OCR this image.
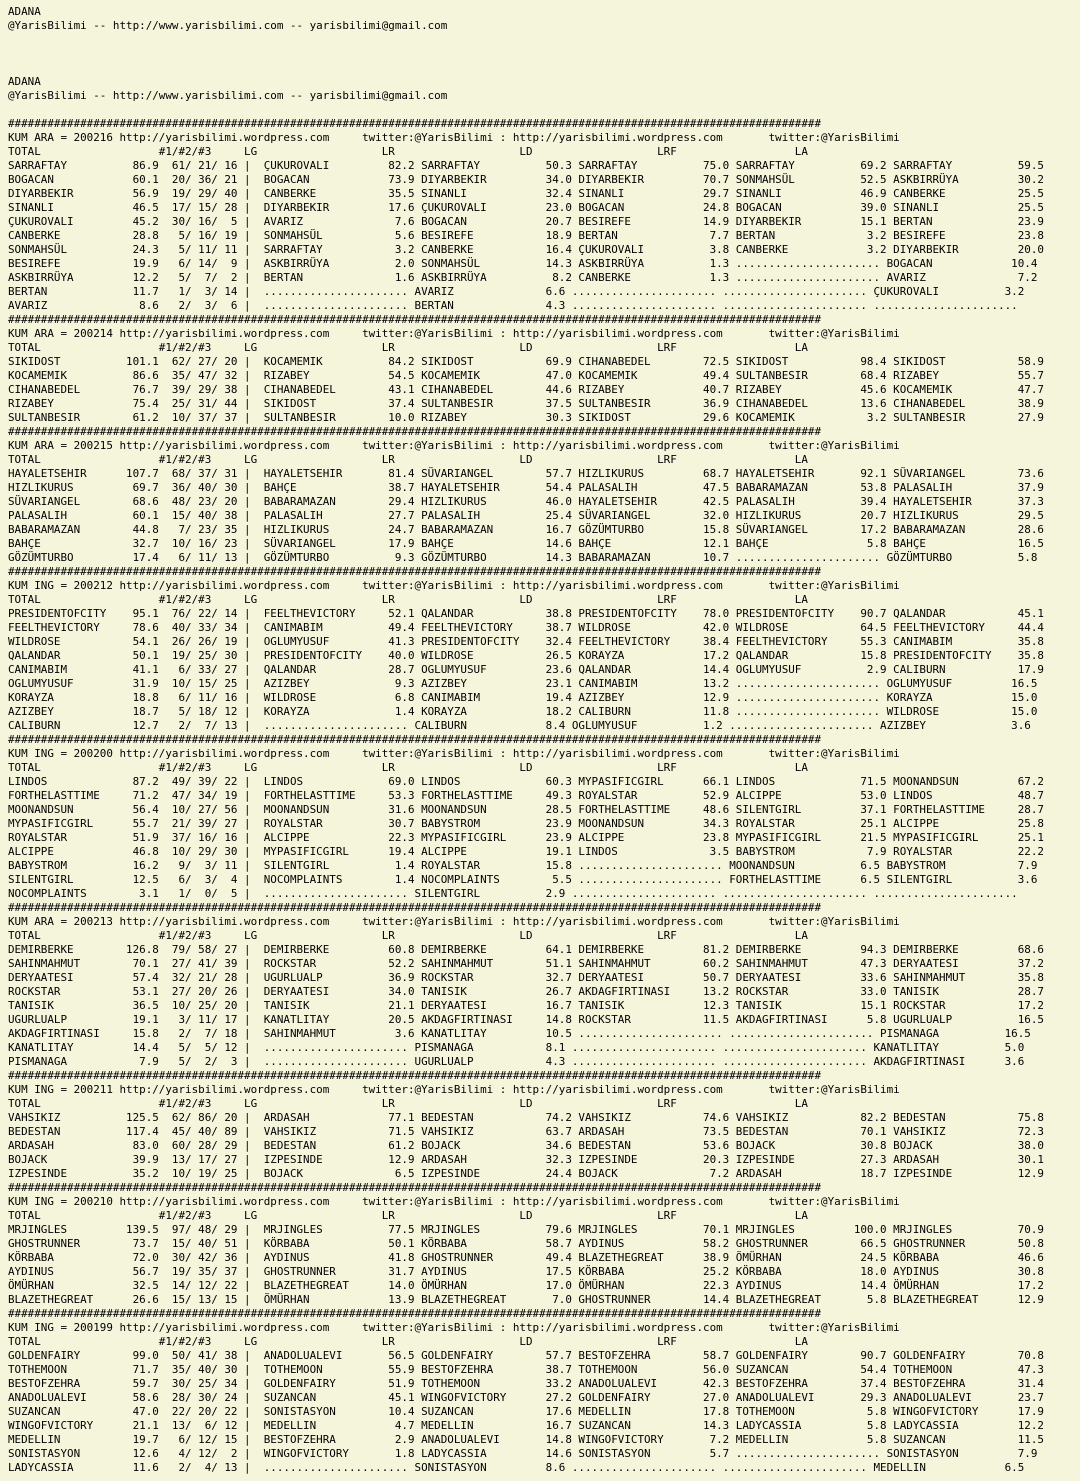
ADANA
@YarisBilimi -- http://www.yarisbilimi.com -- yarisbilimi@gmail.com
ADANA
@YarisBilimi -- http://www.yarisbilimi.com -- yarisbilimi@gmail.com
############################################################################################################################
KUM ARA = 200216 http://yarisbilimi.wordpress.com     twitter:@YarisBilimi : http://yarisbilimi.wordpress.com       twitter:@YarisBilimi
TOTAL                  #1/#2/#3     LG                   LR                   LD                   LRF                  LA
SARRAFTAY          86.9  61/ 21/ 16 |  ÇUKUROVALI         82.2 SARRAFTAY          50.3 SARRAFTAY          75.0 SARRAFTAY          69.2 SARRAFTAY          59.5
BOGACAN            60.1  20/ 36/ 21 |  BOGACAN            73.9 DIYARBEKIR         34.0 DIYARBEKIR         70.7 SONMAHSÜL          52.5 ASKBIRRÜYA         30.2
DIYARBEKIR         56.9  19/ 29/ 40 |  CANBERKE           35.5 SINANLI            32.4 SINANLI            29.7 SINANLI            46.9 CANBERKE           25.5
SINANLI            46.5  17/ 15/ 28 |  DIYARBEKIR         17.6 ÇUKUROVALI         23.0 BOGACAN            24.8 BOGACAN            39.0 SINANLI            25.5
ÇUKUROVALI         45.2  30/ 16/  5 |  AVARIZ              7.6 BOGACAN            20.7 BESIREFE           14.9 DIYARBEKIR         15.1 BERTAN             23.9
CANBERKE           28.8   5/ 16/ 19 |  SONMAHSÜL           5.6 BESIREFE           18.9 BERTAN              7.7 BERTAN              3.2 BESIREFE           23.8
SONMAHSÜL          24.3   5/ 11/ 11 |  SARRAFTAY           3.2 CANBERKE           16.4 ÇUKUROVALI          3.8 CANBERKE            3.2 DIYARBEKIR         20.0
BESIREFE           19.9   6/ 14/  9 |  ASKBIRRÜYA          2.0 SONMAHSÜL          14.3 ASKBIRRÜYA          1.3 ...................... BOGACAN            10.4
ASKBIRRÜYA         12.2   5/  7/  2 |  BERTAN              1.6 ASKBIRRÜYA          8.2 CANBERKE            1.3 ...................... AVARIZ              7.2
BERTAN             11.7   1/  3/ 14 |  ...................... AVARIZ              6.6 ...................... ...................... ÇUKUROVALI          3.2
AVARIZ              8.6   2/  3/  6 |  ...................... BERTAN              4.3 ...................... ...................... ......................
############################################################################################################################
KUM ARA = 200214 http://yarisbilimi.wordpress.com     twitter:@YarisBilimi : http://yarisbilimi.wordpress.com       twitter:@YarisBilimi
TOTAL                  #1/#2/#3     LG                   LR                   LD                   LRF                  LA
SIKIDOST          101.1  62/ 27/ 20 |  KOCAMEMIK          84.2 SIKIDOST           69.9 CIHANABEDEL        72.5 SIKIDOST           98.4 SIKIDOST           58.9
KOCAMEMIK          86.6  35/ 47/ 32 |  RIZABEY            54.5 KOCAMEMIK          47.0 KOCAMEMIK          49.4 SULTANBESIR        68.4 RIZABEY            55.7
CIHANABEDEL        76.7  39/ 29/ 38 |  CIHANABEDEL        43.1 CIHANABEDEL        44.6 RIZABEY            40.7 RIZABEY            45.6 KOCAMEMIK          47.7
RIZABEY            75.4  25/ 31/ 44 |  SIKIDOST           37.4 SULTANBESIR        37.5 SULTANBESIR        36.9 CIHANABEDEL        13.6 CIHANABEDEL        38.9
SULTANBESIR        61.2  10/ 37/ 37 |  SULTANBESIR        10.0 RIZABEY            30.3 SIKIDOST           29.6 KOCAMEMIK           3.2 SULTANBESIR        27.9
############################################################################################################################
KUM ARA = 200215 http://yarisbilimi.wordpress.com     twitter:@YarisBilimi : http://yarisbilimi.wordpress.com       twitter:@YarisBilimi
TOTAL                  #1/#2/#3     LG                   LR                   LD                   LRF                  LA
HAYALETSEHIR      107.7  68/ 37/ 31 |  HAYALETSEHIR       81.4 SÜVARIANGEL        57.7 HIZLIKURUS         68.7 HAYALETSEHIR       92.1 SÜVARIANGEL        73.6
HIZLIKURUS         69.7  36/ 40/ 30 |  BAHÇE              38.7 HAYALETSEHIR       54.4 PALASALIH          47.5 BABARAMAZAN        53.8 PALASALIH          37.9
SÜVARIANGEL        68.6  48/ 23/ 20 |  BABARAMAZAN        29.4 HIZLIKURUS         46.0 HAYALETSEHIR       42.5 PALASALIH          39.4 HAYALETSEHIR       37.3
PALASALIH          60.1  15/ 40/ 38 |  PALASALIH          27.7 PALASALIH          25.4 SÜVARIANGEL        32.0 HIZLIKURUS         20.7 HIZLIKURUS         29.5
BABARAMAZAN        44.8   7/ 23/ 35 |  HIZLIKURUS         24.7 BABARAMAZAN        16.7 GÖZÜMTURBO         15.8 SÜVARIANGEL        17.2 BABARAMAZAN        28.6
BAHÇE              32.7  10/ 16/ 23 |  SÜVARIANGEL        17.9 BAHÇE              14.6 BAHÇE              12.1 BAHÇE               5.8 BAHÇE              16.5
GÖZÜMTURBO         17.4   6/ 11/ 13 |  GÖZÜMTURBO          9.3 GÖZÜMTURBO         14.3 BABARAMAZAN        10.7 ...................... GÖZÜMTURBO          5.8
############################################################################################################################
KUM ING = 200212 http://yarisbilimi.wordpress.com     twitter:@YarisBilimi : http://yarisbilimi.wordpress.com       twitter:@YarisBilimi
TOTAL                  #1/#2/#3     LG                   LR                   LD                   LRF                  LA
PRESIDENTOFCITY    95.1  76/ 22/ 14 |  FEELTHEVICTORY     52.1 QALANDAR           38.8 PRESIDENTOFCITY    78.0 PRESIDENTOFCITY    90.7 QALANDAR           45.1
FEELTHEVICTORY     78.6  40/ 33/ 34 |  CANIMABIM          49.4 FEELTHEVICTORY     38.7 WILDROSE           42.0 WILDROSE           64.5 FEELTHEVICTORY     44.4
WILDROSE           54.1  26/ 26/ 19 |  OGLUMYUSUF         41.3 PRESIDENTOFCITY    32.4 FEELTHEVICTORY     38.4 FEELTHEVICTORY     55.3 CANIMABIM          35.8
QALANDAR           50.1  19/ 25/ 30 |  PRESIDENTOFCITY    40.0 WILDROSE           26.5 KORAYZA            17.2 QALANDAR           15.8 PRESIDENTOFCITY    35.8
CANIMABIM          41.1   6/ 33/ 27 |  QALANDAR           28.7 OGLUMYUSUF         23.6 QALANDAR           14.4 OGLUMYUSUF          2.9 CALIBURN           17.9
OGLUMYUSUF         31.9  10/ 15/ 25 |  AZIZBEY             9.3 AZIZBEY            23.1 CANIMABIM          13.2 ...................... OGLUMYUSUF         16.5
KORAYZA            18.8   6/ 11/ 16 |  WILDROSE            6.8 CANIMABIM          19.4 AZIZBEY            12.9 ...................... KORAYZA            15.0
AZIZBEY            18.7   5/ 18/ 12 |  KORAYZA             1.4 KORAYZA            18.2 CALIBURN           11.8 ...................... WILDROSE           15.0
CALIBURN           12.7   2/  7/ 13 |  ...................... CALIBURN            8.4 OGLUMYUSUF          1.2 ...................... AZIZBEY             3.6
############################################################################################################################
KUM ING = 200200 http://yarisbilimi.wordpress.com     twitter:@YarisBilimi : http://yarisbilimi.wordpress.com       twitter:@YarisBilimi
TOTAL                  #1/#2/#3     LG                   LR                   LD                   LRF                  LA
LINDOS             87.2  49/ 39/ 22 |  LINDOS             69.0 LINDOS             60.3 MYPASIFICGIRL      66.1 LINDOS             71.5 MOONANDSUN         67.2
FORTHELASTTIME     71.2  47/ 34/ 19 |  FORTHELASTTIME     53.3 FORTHELASTTIME     49.3 ROYALSTAR          52.9 ALCIPPE            53.0 LINDOS             48.7
MOONANDSUN         56.4  10/ 27/ 56 |  MOONANDSUN         31.6 MOONANDSUN         28.5 FORTHELASTTIME     48.6 SILENTGIRL         37.1 FORTHELASTTIME     28.7
MYPASIFICGIRL      55.7  21/ 39/ 27 |  ROYALSTAR          30.7 BABYSTROM          23.9 MOONANDSUN         34.3 ROYALSTAR          25.1 ALCIPPE            25.8
ROYALSTAR          51.9  37/ 16/ 16 |  ALCIPPE            22.3 MYPASIFICGIRL      23.9 ALCIPPE            23.8 MYPASIFICGIRL      21.5 MYPASIFICGIRL      25.1
ALCIPPE            46.8  10/ 29/ 30 |  MYPASIFICGIRL      19.4 ALCIPPE            19.1 LINDOS              3.5 BABYSTROM           7.9 ROYALSTAR          22.2
BABYSTROM          16.2   9/  3/ 11 |  SILENTGIRL          1.4 ROYALSTAR          15.8 ...................... MOONANDSUN          6.5 BABYSTROM           7.9
SILENTGIRL         12.5   6/  3/  4 |  NOCOMPLAINTS        1.4 NOCOMPLAINTS        5.5 ...................... FORTHELASTTIME      6.5 SILENTGIRL          3.6
NOCOMPLAINTS        3.1   1/  0/  5 |  ...................... SILENTGIRL          2.9 ...................... ...................... ......................
############################################################################################################################
KUM ARA = 200213 http://yarisbilimi.wordpress.com     twitter:@YarisBilimi : http://yarisbilimi.wordpress.com       twitter:@YarisBilimi
TOTAL                  #1/#2/#3     LG                   LR                   LD                   LRF                  LA
DEMIRBERKE        126.8  79/ 58/ 27 |  DEMIRBERKE         60.8 DEMIRBERKE         64.1 DEMIRBERKE         81.2 DEMIRBERKE         94.3 DEMIRBERKE         68.6
SAHINMAHMUT        70.1  27/ 41/ 39 |  ROCKSTAR           52.2 SAHINMAHMUT        51.1 SAHINMAHMUT        60.2 SAHINMAHMUT        47.3 DERYAATESI         37.2
DERYAATESI         57.4  32/ 21/ 28 |  UGURLUALP          36.9 ROCKSTAR           32.7 DERYAATESI         50.7 DERYAATESI         33.6 SAHINMAHMUT        35.8
ROCKSTAR           53.1  27/ 20/ 26 |  DERYAATESI         34.0 TANISIK            26.7 AKDAGFIRTINASI     13.2 ROCKSTAR           33.0 TANISIK            28.7
TANISIK            36.5  10/ 25/ 20 |  TANISIK            21.1 DERYAATESI         16.7 TANISIK            12.3 TANISIK            15.1 ROCKSTAR           17.2
UGURLUALP          19.1   3/ 11/ 17 |  KANATLITAY         20.5 AKDAGFIRTINASI     14.8 ROCKSTAR           11.5 AKDAGFIRTINASI      5.8 UGURLUALP          16.5
AKDAGFIRTINASI     15.8   2/  7/ 18 |  SAHINMAHMUT         3.6 KANATLITAY         10.5 ...................... ...................... PISMANAGA          16.5
KANATLITAY         14.4   5/  5/ 12 |  ...................... PISMANAGA           8.1 ...................... ...................... KANATLITAY          5.0
PISMANAGA           7.9   5/  2/  3 |  ...................... UGURLUALP           4.3 ...................... ...................... AKDAGFIRTINASI      3.6
############################################################################################################################
KUM ING = 200211 http://yarisbilimi.wordpress.com     twitter:@YarisBilimi : http://yarisbilimi.wordpress.com       twitter:@YarisBilimi
TOTAL                  #1/#2/#3     LG                   LR                   LD                   LRF                  LA
VAHSIKIZ          125.5  62/ 86/ 20 |  ARDASAH            77.1 BEDESTAN           74.2 VAHSIKIZ           74.6 VAHSIKIZ           82.2 BEDESTAN           75.8
BEDESTAN          117.4  45/ 40/ 89 |  VAHSIKIZ           71.5 VAHSIKIZ           63.7 ARDASAH            73.5 BEDESTAN           70.1 VAHSIKIZ           72.3
ARDASAH            83.0  60/ 28/ 29 |  BEDESTAN           61.2 BOJACK             34.6 BEDESTAN           53.6 BOJACK             30.8 BOJACK             38.0
BOJACK             39.9  13/ 17/ 27 |  IZPESINDE          12.9 ARDASAH            32.3 IZPESINDE          20.3 IZPESINDE          27.3 ARDASAH            30.1
IZPESINDE          35.2  10/ 19/ 25 |  BOJACK              6.5 IZPESINDE          24.4 BOJACK              7.2 ARDASAH            18.7 IZPESINDE          12.9
############################################################################################################################
KUM ING = 200210 http://yarisbilimi.wordpress.com     twitter:@YarisBilimi : http://yarisbilimi.wordpress.com       twitter:@YarisBilimi
TOTAL                  #1/#2/#3     LG                   LR                   LD                   LRF                  LA
MRJINGLES         139.5  97/ 48/ 29 |  MRJINGLES          77.5 MRJINGLES          79.6 MRJINGLES          70.1 MRJINGLES         100.0 MRJINGLES          70.9
GHOSTRUNNER        73.7  15/ 40/ 51 |  KÖRBABA            50.1 KÖRBABA            58.7 AYDINUS            58.2 GHOSTRUNNER        66.5 GHOSTRUNNER        50.8
KÖRBABA            72.0  30/ 42/ 36 |  AYDINUS            41.8 GHOSTRUNNER        49.4 BLAZETHEGREAT      38.9 ÖMÜRHAN            24.5 KÖRBABA            46.6
AYDINUS            56.7  19/ 35/ 37 |  GHOSTRUNNER        31.7 AYDINUS            17.5 KÖRBABA            25.2 KÖRBABA            18.0 AYDINUS            30.8
ÖMÜRHAN            32.5  14/ 12/ 22 |  BLAZETHEGREAT      14.0 ÖMÜRHAN            17.0 ÖMÜRHAN            22.3 AYDINUS            14.4 ÖMÜRHAN            17.2
BLAZETHEGREAT      26.6  15/ 13/ 15 |  ÖMÜRHAN            13.9 BLAZETHEGREAT       7.0 GHOSTRUNNER        14.4 BLAZETHEGREAT       5.8 BLAZETHEGREAT      12.9
############################################################################################################################
KUM ING = 200199 http://yarisbilimi.wordpress.com     twitter:@YarisBilimi : http://yarisbilimi.wordpress.com       twitter:@YarisBilimi
TOTAL                  #1/#2/#3     LG                   LR                   LD                   LRF                  LA
GOLDENFAIRY        99.0  50/ 41/ 38 |  ANADOLUALEVI       56.5 GOLDENFAIRY        57.7 BESTOFZEHRA        58.7 GOLDENFAIRY        90.7 GOLDENFAIRY        70.8
TOTHEMOON          71.7  35/ 40/ 30 |  TOTHEMOON          55.9 BESTOFZEHRA        38.7 TOTHEMOON          56.0 SUZANCAN           54.4 TOTHEMOON          47.3
BESTOFZEHRA        59.7  30/ 25/ 34 |  GOLDENFAIRY        51.9 TOTHEMOON          33.2 ANADOLUALEVI       42.3 BESTOFZEHRA        37.4 BESTOFZEHRA        31.4
ANADOLUALEVI       58.6  28/ 30/ 24 |  SUZANCAN           45.1 WINGOFVICTORY      27.2 GOLDENFAIRY        27.0 ANADOLUALEVI       29.3 ANADOLUALEVI       23.7
SUZANCAN           47.0  22/ 20/ 22 |  SONISTASYON        10.4 SUZANCAN           17.6 MEDELLIN           17.8 TOTHEMOON           5.8 WINGOFVICTORY      17.9
WINGOFVICTORY      21.1  13/  6/ 12 |  MEDELLIN            4.7 MEDELLIN           16.7 SUZANCAN           14.3 LADYCASSIA          5.8 LADYCASSIA         12.2
MEDELLIN           19.7   6/ 12/ 15 |  BESTOFZEHRA         2.9 ANADOLUALEVI       14.8 WINGOFVICTORY       7.2 MEDELLIN            5.8 SUZANCAN           11.5
SONISTASYON        12.6   4/ 12/  2 |  WINGOFVICTORY       1.8 LADYCASSIA         14.6 SONISTASYON         5.7 ...................... SONISTASYON         7.9
LADYCASSIA         11.6   2/  4/ 13 |  ...................... SONISTASYON         8.6 ...................... ...................... MEDELLIN            6.5
